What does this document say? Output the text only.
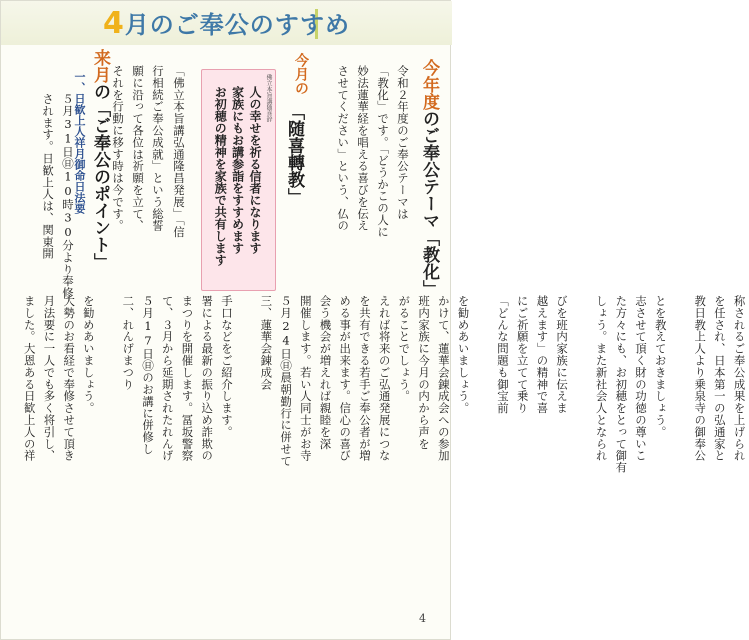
4月のご奉公のすすめ
今年度のご奉公テーマ「教化」
令和２年度のご奉公テーマは
「教化」です。「どうかこの人に
妙法蓮華経を唱える喜びを伝え
させてください」という、仏の
今月の
「随喜轉教」
佛立本旨講随喜辞
人の幸せを祈る信者になります
家族にもお講参詣をすすめます
お初穂の精神を家族で共有します
「佛立本旨講弘通隆昌発展」「信
行相続ご奉公成就」という総誓
願に沿って各位は祈願を立て、
それを行動に移す時は今です。
来月の「ご奉公のポイント」
一、日歓上人祥月御命日法要
５月31日㊐10時30分より奉修
されます。日歓上人は、関東開
称されるご奉公成果を上げられ
を任され、日本第一の弘通家と
教日教上人より乗泉寺の御奉公

とを教えておきましょう。
志させて頂く財の功徳の尊いこ
た方々にも、お初穂をとって御有
しょう。また新社会人となられ

びを班内家族に伝えま
越えます」の精神で喜
にご祈願を立てて乗り
「どんな問題も御宝前

を勧めあいましょう。
かけて、蓮華会錬成会への参加
班内家族に今月の内から声を
がることでしょう。
えれば将来のご弘通発展につな
を共有できる若手ご奉公者が増
める事が出来ます。信心の喜び
会う機会が増えれば親睦を深
開催します。若い人同士がお寺
５月24日㊐晨朝勤行に併せて
三、蓮華会錬成会

手口などをご紹介します。
署による最新の振り込め詐欺の
まつりを開催します。冨坂警察
て、３月から延期されたれんげ
５月17日㊐のお講に併修し
二、れんげまつり

を勧めあいましょう。
大勢のお看経で奉修させて頂き
月法要に一人でも多く将引し、
ました。大恩ある日歓上人の祥
4
